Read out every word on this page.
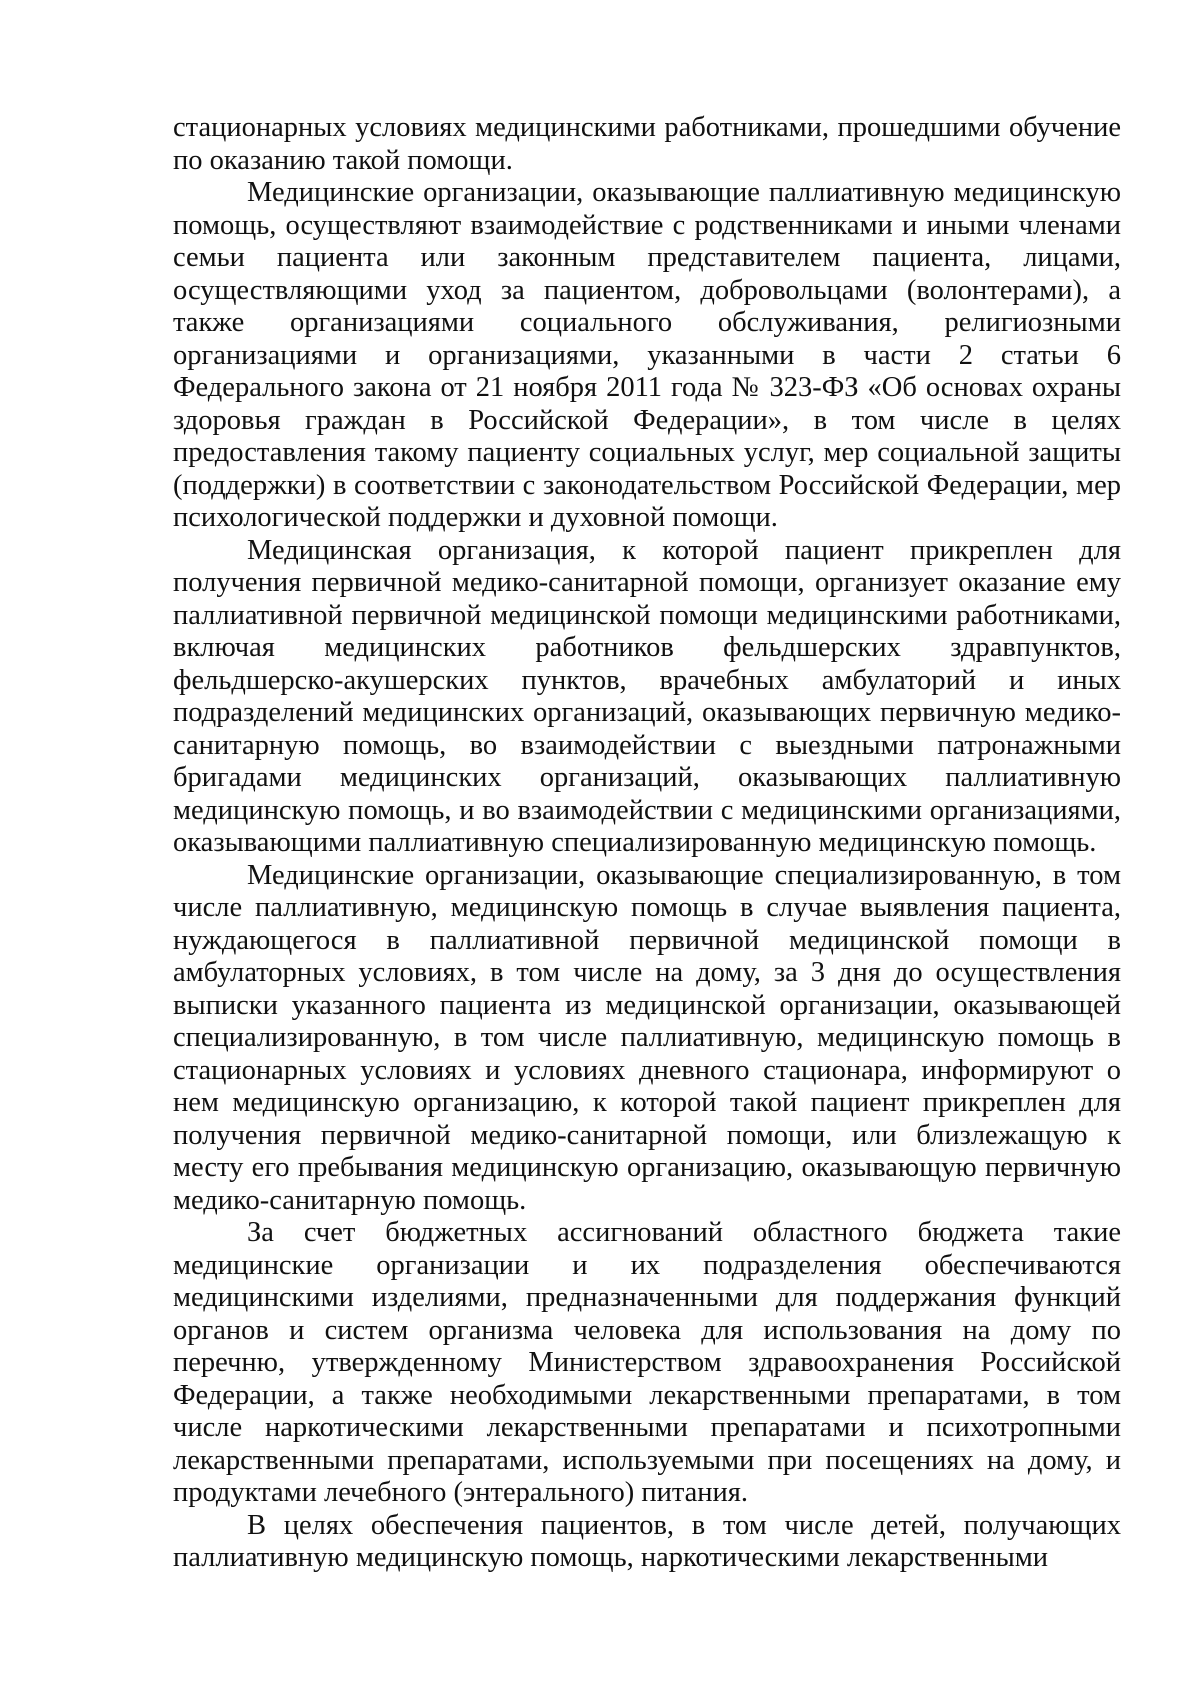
стационарных условиях медицинскими работниками, прошедшими обучение по оказанию такой помощи.

Медицинские организации, оказывающие паллиативную медицинскую помощь, осуществляют взаимодействие с родственниками и иными членами семьи пациента или законным представителем пациента, лицами, осуществляющими уход за пациентом, добровольцами (волонтерами), а также организациями социального обслуживания, религиозными организациями и организациями, указанными в части 2 статьи 6 Федерального закона от 21 ноября 2011 года № 323-ФЗ «Об основах охраны здоровья граждан в Российской Федерации», в том числе в целях предоставления такому пациенту социальных услуг, мер социальной защиты (поддержки) в соответствии с законодательством Российской Федерации, мер психологической поддержки и духовной помощи.

Медицинская организация, к которой пациент прикреплен для получения первичной медико-санитарной помощи, организует оказание ему паллиативной первичной медицинской помощи медицинскими работниками, включая медицинских работников фельдшерских здравпунктов, фельдшерско-акушерских пунктов, врачебных амбулаторий и иных подразделений медицинских организаций, оказывающих первичную медико-санитарную помощь, во взаимодействии с выездными патронажными бригадами медицинских организаций, оказывающих паллиативную медицинскую помощь, и во взаимодействии с медицинскими организациями, оказывающими паллиативную специализированную медицинскую помощь.

Медицинские организации, оказывающие специализированную, в том числе паллиативную, медицинскую помощь в случае выявления пациента, нуждающегося в паллиативной первичной медицинской помощи в амбулаторных условиях, в том числе на дому, за 3 дня до осуществления выписки указанного пациента из медицинской организации, оказывающей специализированную, в том числе паллиативную, медицинскую помощь в стационарных условиях и условиях дневного стационара, информируют о нем медицинскую организацию, к которой такой пациент прикреплен для получения первичной медико-санитарной помощи, или близлежащую к месту его пребывания медицинскую организацию, оказывающую первичную медико-санитарную помощь.

За счет бюджетных ассигнований областного бюджета такие медицинские организации и их подразделения обеспечиваются медицинскими изделиями, предназначенными для поддержания функций органов и систем организма человека для использования на дому по перечню, утвержденному Министерством здравоохранения Российской Федерации, а также необходимыми лекарственными препаратами, в том числе наркотическими лекарственными препаратами и психотропными лекарственными препаратами, используемыми при посещениях на дому, и продуктами лечебного (энтерального) питания.

В целях обеспечения пациентов, в том числе детей, получающих паллиативную медицинскую помощь, наркотическими лекарственными
